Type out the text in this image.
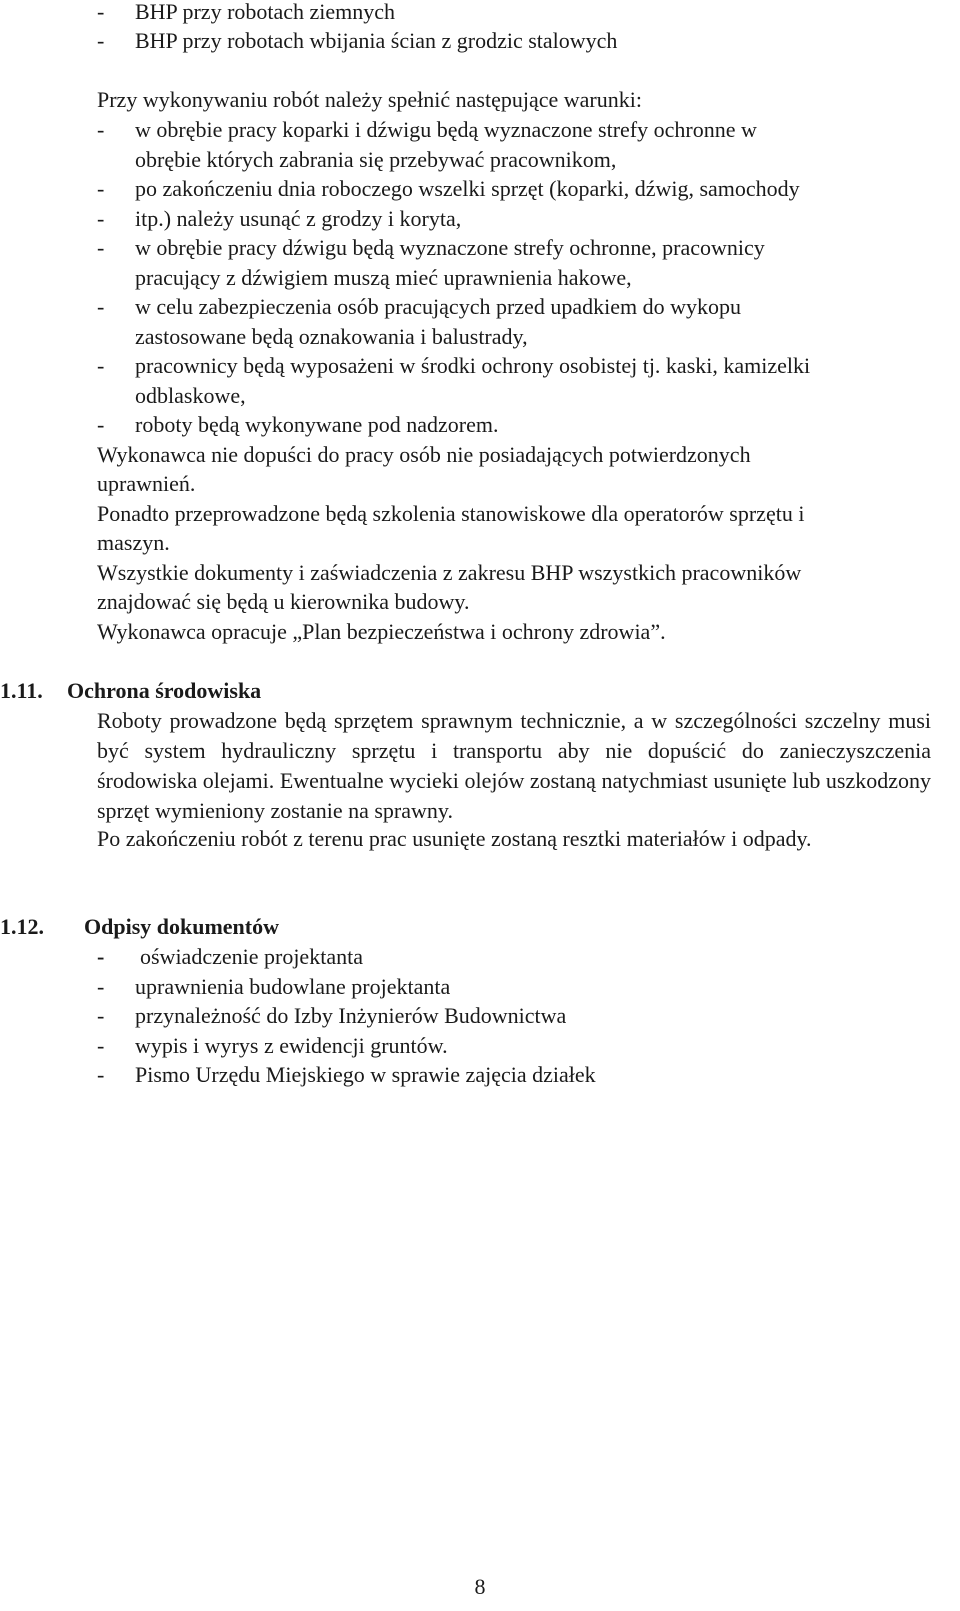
- BHP przy robotach ziemnych
- BHP przy robotach wbijania ścian z grodzic stalowych
Przy wykonywaniu robót należy spełnić następujące warunki:
- w obrębie pracy koparki i dźwigu będą wyznaczone strefy ochronne w
obrębie których zabrania się przebywać pracownikom,
- po zakończeniu dnia roboczego wszelki sprzęt (koparki, dźwig, samochody
- itp.) należy usunąć z grodzy i koryta,
- w obrębie pracy dźwigu będą wyznaczone strefy ochronne, pracownicy
pracujący z dźwigiem muszą mieć uprawnienia hakowe,
- w celu zabezpieczenia osób pracujących przed upadkiem do wykopu
zastosowane będą oznakowania i balustrady,
- pracownicy będą wyposażeni w środki ochrony osobistej tj. kaski, kamizelki
odblaskowe,
- roboty będą wykonywane pod nadzorem.
Wykonawca nie dopuści do pracy osób nie posiadających potwierdzonych
uprawnień.
Ponadto przeprowadzone będą szkolenia stanowiskowe dla operatorów sprzętu i
maszyn.
Wszystkie dokumenty i zaświadczenia z zakresu BHP wszystkich pracowników
znajdować się będą u kierownika budowy.
Wykonawca opracuje „Plan bezpieczeństwa i ochrony zdrowia”.
1.11. Ochrona środowiska
Roboty prowadzone będą sprzętem sprawnym technicznie, a w szczególności szczelny musi być system hydrauliczny sprzętu i transportu aby nie dopuścić do zanieczyszczenia środowiska olejami. Ewentualne wycieki olejów zostaną natychmiast usunięte lub uszkodzony sprzęt wymieniony zostanie na sprawny.
Po zakończeniu robót z terenu prac usunięte zostaną resztki materiałów i odpady.
1.12. Odpisy dokumentów
- oświadczenie projektanta
- uprawnienia budowlane projektanta
- przynależność do Izby Inżynierów Budownictwa
- wypis i wyrys z ewidencji gruntów.
- Pismo Urzędu Miejskiego w sprawie zajęcia działek
8
